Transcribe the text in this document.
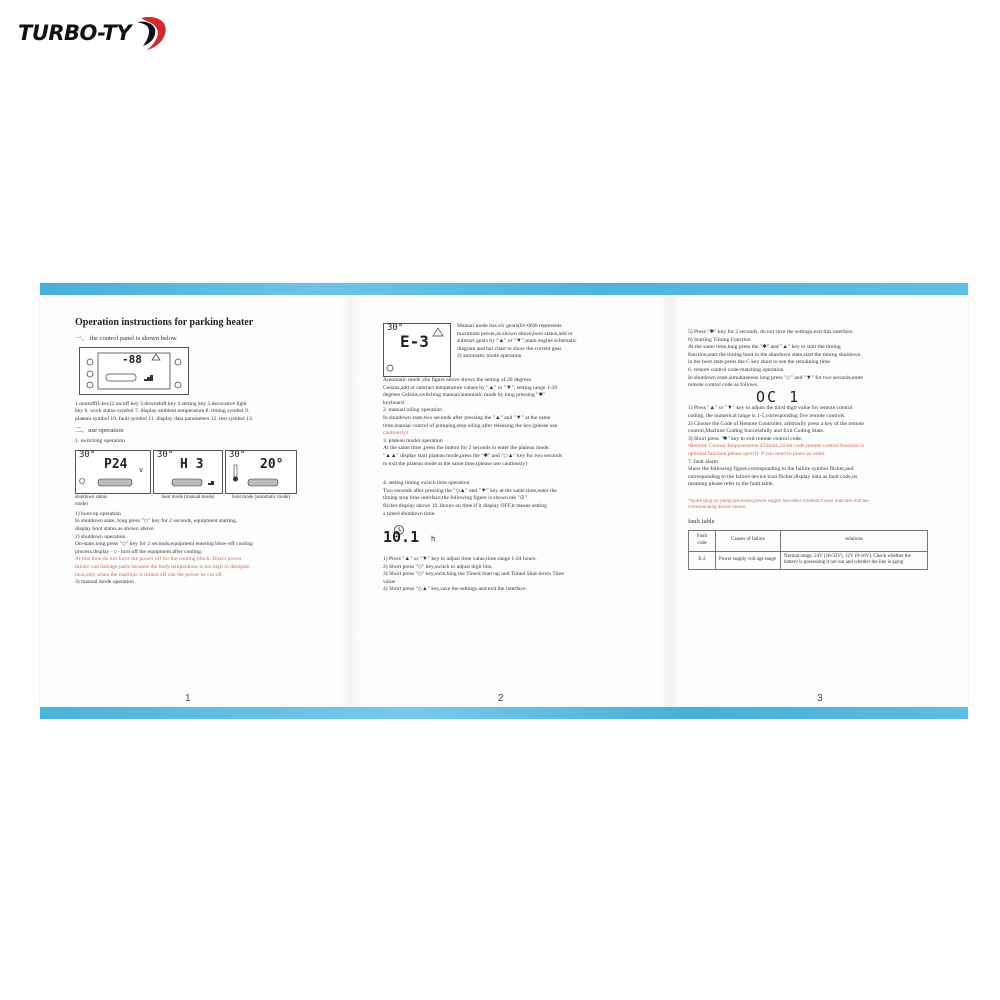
TURBO-TY
Operation instructions for parking heater
一、 the control panel is shown below
-88
1.onoroff(I-key)2.on/off key 3.downshift key 4.setting key 5.decorative light
key 6. work status symbol 7. display ambient temperature 8. timing symbol 9.
plateau symbol 10. fault symbol 11. display data parameters 12. test symbol 13.
二、use operation
1. switching operation
30°
P24 v
shutdown status
mode)
30°
H 3
boot mode (manual mode)
30°
20°
boot mode (automatic mode)
1) boot-up operation
In shutdown state, long press "◇" key for 2 seconds, equipment starting,
display boot status as shown above.
2) shutdown operation
On-state,long press "◇" key for 2 seconds,equipment entering blow-off cooling
process,display -☼- turn off the equipment after cooling.
At this time,do not force the power off for the cooling block. Direct power
failure can damage parts because the body temperature is too high to dissipate
heat,only when the machine is turned off can the power be cut off.
3) manual mode operation
1
30°
E-3
Manual mode has six gears(01-06)6 represents
maximum power,as shown above,boot status,add or
subtract gears by "▲" or "▼",main engine schematic
diagram and bar chart to show the current gear
4) automatic mode operation
Automatic mode ,the figure above shows the setting of 20 degrees
Celsius,add or subtract temperature values by "▲" or "▼", setting range 1-30
degrees Celsius,switching manual/automatic mode by long pressing "✱"
keyboard
2. manual oiling operation
In shutdown state,two seconds after pressing the "▲" and "▼" at the same
time,manual control of pumping,stop oiling after releasing the key.(please use
cautiously)
3. plateau model operation
At the same time ,press the button for 2 seconds to enter the plateau mode.
"▲▲" display start plateau mode,press the "✱" and "◇▲" key for two seconds
to exit the plateau mode at the same time.(please use cautiously)
4. setting timing switch time operation
Two seconds after pressing the "◇▲" and "▼" key at the same time,enter the
timing stop time interface,the following figure is shown.tab "⊙"
flicker,display shows 10.1hours on time.if it display OFF,it means setting
a timed shutdown time.
10.1 h
1) Press "▲" or "▼" key to adjust time value,time range 1-24 hours.
2) Short press "◇" key,switch to adjust digit bits.
3) Short press "◇" key,switching the Timed Start-up and Timed Shut-down Time
value
4) Short press "◇▲" key,save the settings and exit the interface.
2
5) Press "✱" key for 2 seconds, do not save the settings,exit this interface.
6) Starting Timing Function
At the same time,long press the "✱" and "▲" key to start the timing
function,start the timing boot in the shutdown state,start the timing shutdown
in the boot state,press the C key short to see the remaining time.
6. remote control code-matching operation
In shutdown state,simultaneous long press "◇" and "▼" for two seconds,enter
remote control code as follows.
OC 1
1) Press "▲" or "▼" key to adjust the third digit value for remote control
coding, the numerical range is 1-5,corresponding five remote controls.
2) Choose the Code of Remote Controller, arbitrarily press a key of the remote
control,Machine Coding Successfully and Exit Coding State.
3) Short press "✱" key to exit remote control code.
•Remote Control Requirements:433mhz,24-bit code,remote control function is
optional function,please specify if you need to place an order.
7. fault alarm
Show the following figure,corresponding to the failure symbol flicker,and
corresponding to the failure device icon flicker,display data as fault code,its
meaning please refer to the fault table.
*Spark plug,oil pump,fan,sensor,power supply and other symbols,flicker indicates that the
corresponding device failure.
fault table
Fault code	Causes of failure	solutions
E-2	Power supply volt age range	Normal range, 24V (18-32V), 12V (9-16V). Check whether the battery is possessing it not out and whether the line is aging
3
